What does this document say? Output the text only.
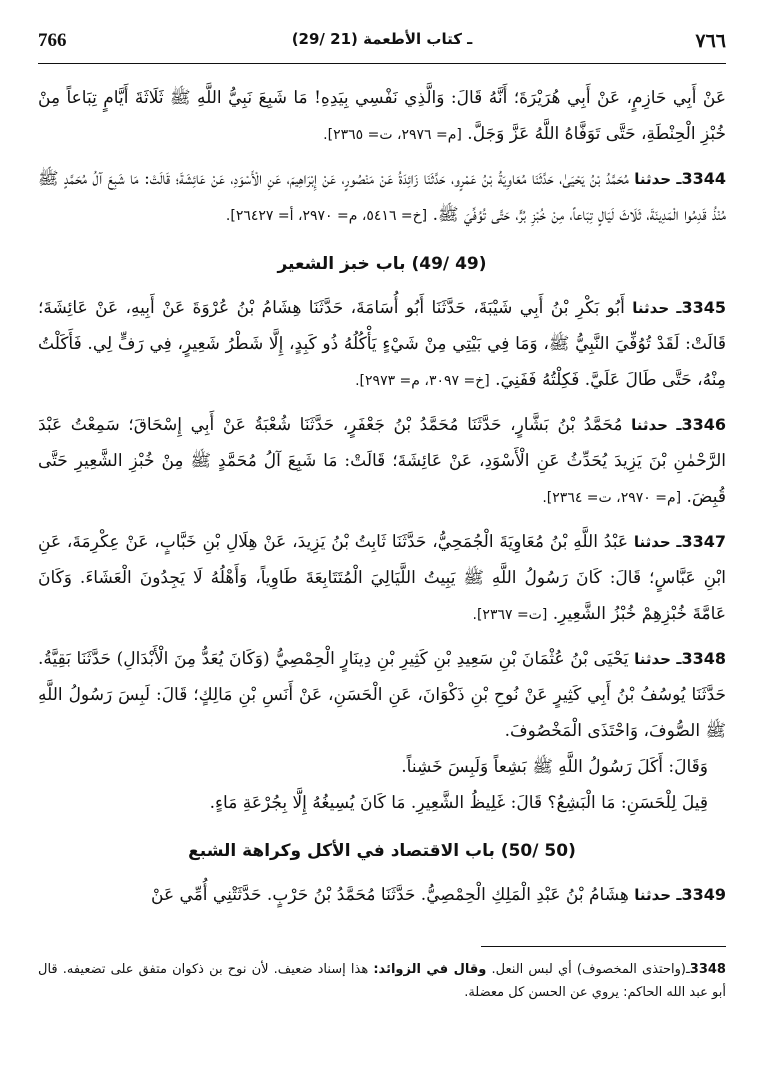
766	(29/ 21) ـ كتاب الأطعمة	٧٦٦

عَنْ أَبِي حَازِمٍ، عَنْ أَبِي هُرَيْرَةَ؛ أَنَّهُ قَالَ: وَالَّذِي نَفْسِي بِيَدِهِ! مَا شَبِعَ نَبِيُّ اللَّهِ ﷺ ثَلَاثَةَ أَيَّامٍ تِبَاعاً مِنْ خُبْزِ الْحِنْطَةِ، حَتَّى تَوَفَّاهُ اللَّهُ عَزَّ وَجَلَّ. [م= ٢٩٧٦، ت= ٢٣٦٥].

3344ـ حدثنا مُحَمَّدُ بْنُ يَحْيَىٰ، حَدَّثَنَا مُعَاوِيَةُ بْنُ عَمْرٍو، حَدَّثَنَا زَائِدَةُ عَنْ مَنْصُورٍ، عَنْ إِبْرَاهِيمَ، عَنِ الْأَسْوَدِ، عَنْ عَائِشَةَ؛ قَالَتْ: مَا شَبِعَ آلُ مُحَمَّدٍ ﷺ مُنْذُ قَدِمُوا الْمَدِينَةَ، ثَلَاثَ لَيَالٍ تِبَاعاً، مِنْ خُبْزِ بُرٍّ، حَتَّى تُوُفِّيَ ﷺ. [خ= ٥٤١٦، م= ٢٩٧٠، أ= ٢٦٤٢٧].

(49 /49) باب خبز الشعير

3345ـ حدثنا أَبُو بَكْرِ بْنُ أَبِي شَيْبَةَ، حَدَّثَنَا أَبُو أُسَامَةَ، حَدَّثَنَا هِشَامُ بْنُ عُرْوَةَ عَنْ أَبِيهِ، عَنْ عَائِشَةَ؛ قَالَتْ: لَقَدْ تُوُفِّيَ النَّبِيُّ ﷺ، وَمَا فِي بَيْتِي مِنْ شَيْءٍ يَأْكُلُهُ ذُو كَبِدٍ، إِلَّا شَطْرُ شَعِيرٍ، فِي رَفٍّ لِي. فَأَكَلْتُ مِنْهُ، حَتَّى طَالَ عَلَيَّ. فَكِلْتُهُ فَفَنِيَ. [خ= ٣٠٩٧، م= ٢٩٧٣].

3346ـ حدثنا مُحَمَّدُ بْنُ بَشَّارٍ، حَدَّثَنَا مُحَمَّدُ بْنُ جَعْفَرٍ، حَدَّثَنَا شُعْبَةُ عَنْ أَبِي إِسْحَاقَ؛ سَمِعْتُ عَبْدَ الرَّحْمٰنِ بْنَ يَزِيدَ يُحَدِّثُ عَنِ الْأَسْوَدِ، عَنْ عَائِشَةَ؛ قَالَتْ: مَا شَبِعَ آلُ مُحَمَّدٍ ﷺ مِنْ خُبْزِ الشَّعِيرِ حَتَّى قُبِضَ. [م= ٢٩٧٠، ت= ٢٣٦٤].

3347ـ حدثنا عَبْدُ اللَّهِ بْنُ مُعَاوِيَةَ الْجُمَحِيُّ، حَدَّثَنَا ثَابِتُ بْنُ يَزِيدَ، عَنْ هِلَالِ بْنِ خَبَّابٍ، عَنْ عِكْرِمَةَ، عَنِ ابْنِ عَبَّاسٍ؛ قَالَ: كَانَ رَسُولُ اللَّهِ ﷺ يَبِيتُ اللَّيَالِيَ الْمُتَتَابِعَةَ طَاوِياً، وَأَهْلُهُ لَا يَجِدُونَ الْعَشَاءَ. وَكَانَ عَامَّةَ خُبْزِهِمْ خُبْزُ الشَّعِيرِ. [ت= ٢٣٦٧].

3348ـ حدثنا يَحْيَى بْنُ عُثْمَانَ بْنِ سَعِيدِ بْنِ كَثِيرِ بْنِ دِينَارٍ الْحِمْصِيُّ (وَكَانَ يُعَدُّ مِنَ الْأَبْدَالِ) حَدَّثَنَا بَقِيَّةُ. حَدَّثَنَا يُوسُفُ بْنُ أَبِي كَثِيرٍ عَنْ نُوحِ بْنِ ذَكْوَانَ، عَنِ الْحَسَنِ، عَنْ أَنَسِ بْنِ مَالِكٍ؛ قَالَ: لَبِسَ رَسُولُ اللَّهِ ﷺ الصُّوفَ، وَاحْتَذَى الْمَخْصُوفَ.

وَقَالَ: أَكَلَ رَسُولُ اللَّهِ ﷺ بَشِعاً وَلَبِسَ خَشِناً.

قِيلَ لِلْحَسَنِ: مَا الْبَشِعُ؟ قَالَ: غَلِيظُ الشَّعِيرِ. مَا كَانَ يُسِيغُهُ إِلَّا بِجُرْعَةِ مَاءٍ.

(50 /50) باب الاقتصاد في الأكل وكراهة الشبع

3349ـ حدثنا هِشَامُ بْنُ عَبْدِ الْمَلِكِ الْحِمْصِيُّ. حَدَّثَنَا مُحَمَّدُ بْنُ حَرْبٍ. حَدَّثَتْنِي أُمِّي عَنْ

3348ـ(واحتذى المخصوف) أي لبس النعل. وقال في الزوائد: هذا إسناد ضعيف. لأن نوح بن ذكوان متفق على تضعيفه. قال أبو عبد الله الحاكم: يروي عن الحسن كل معضلة.
